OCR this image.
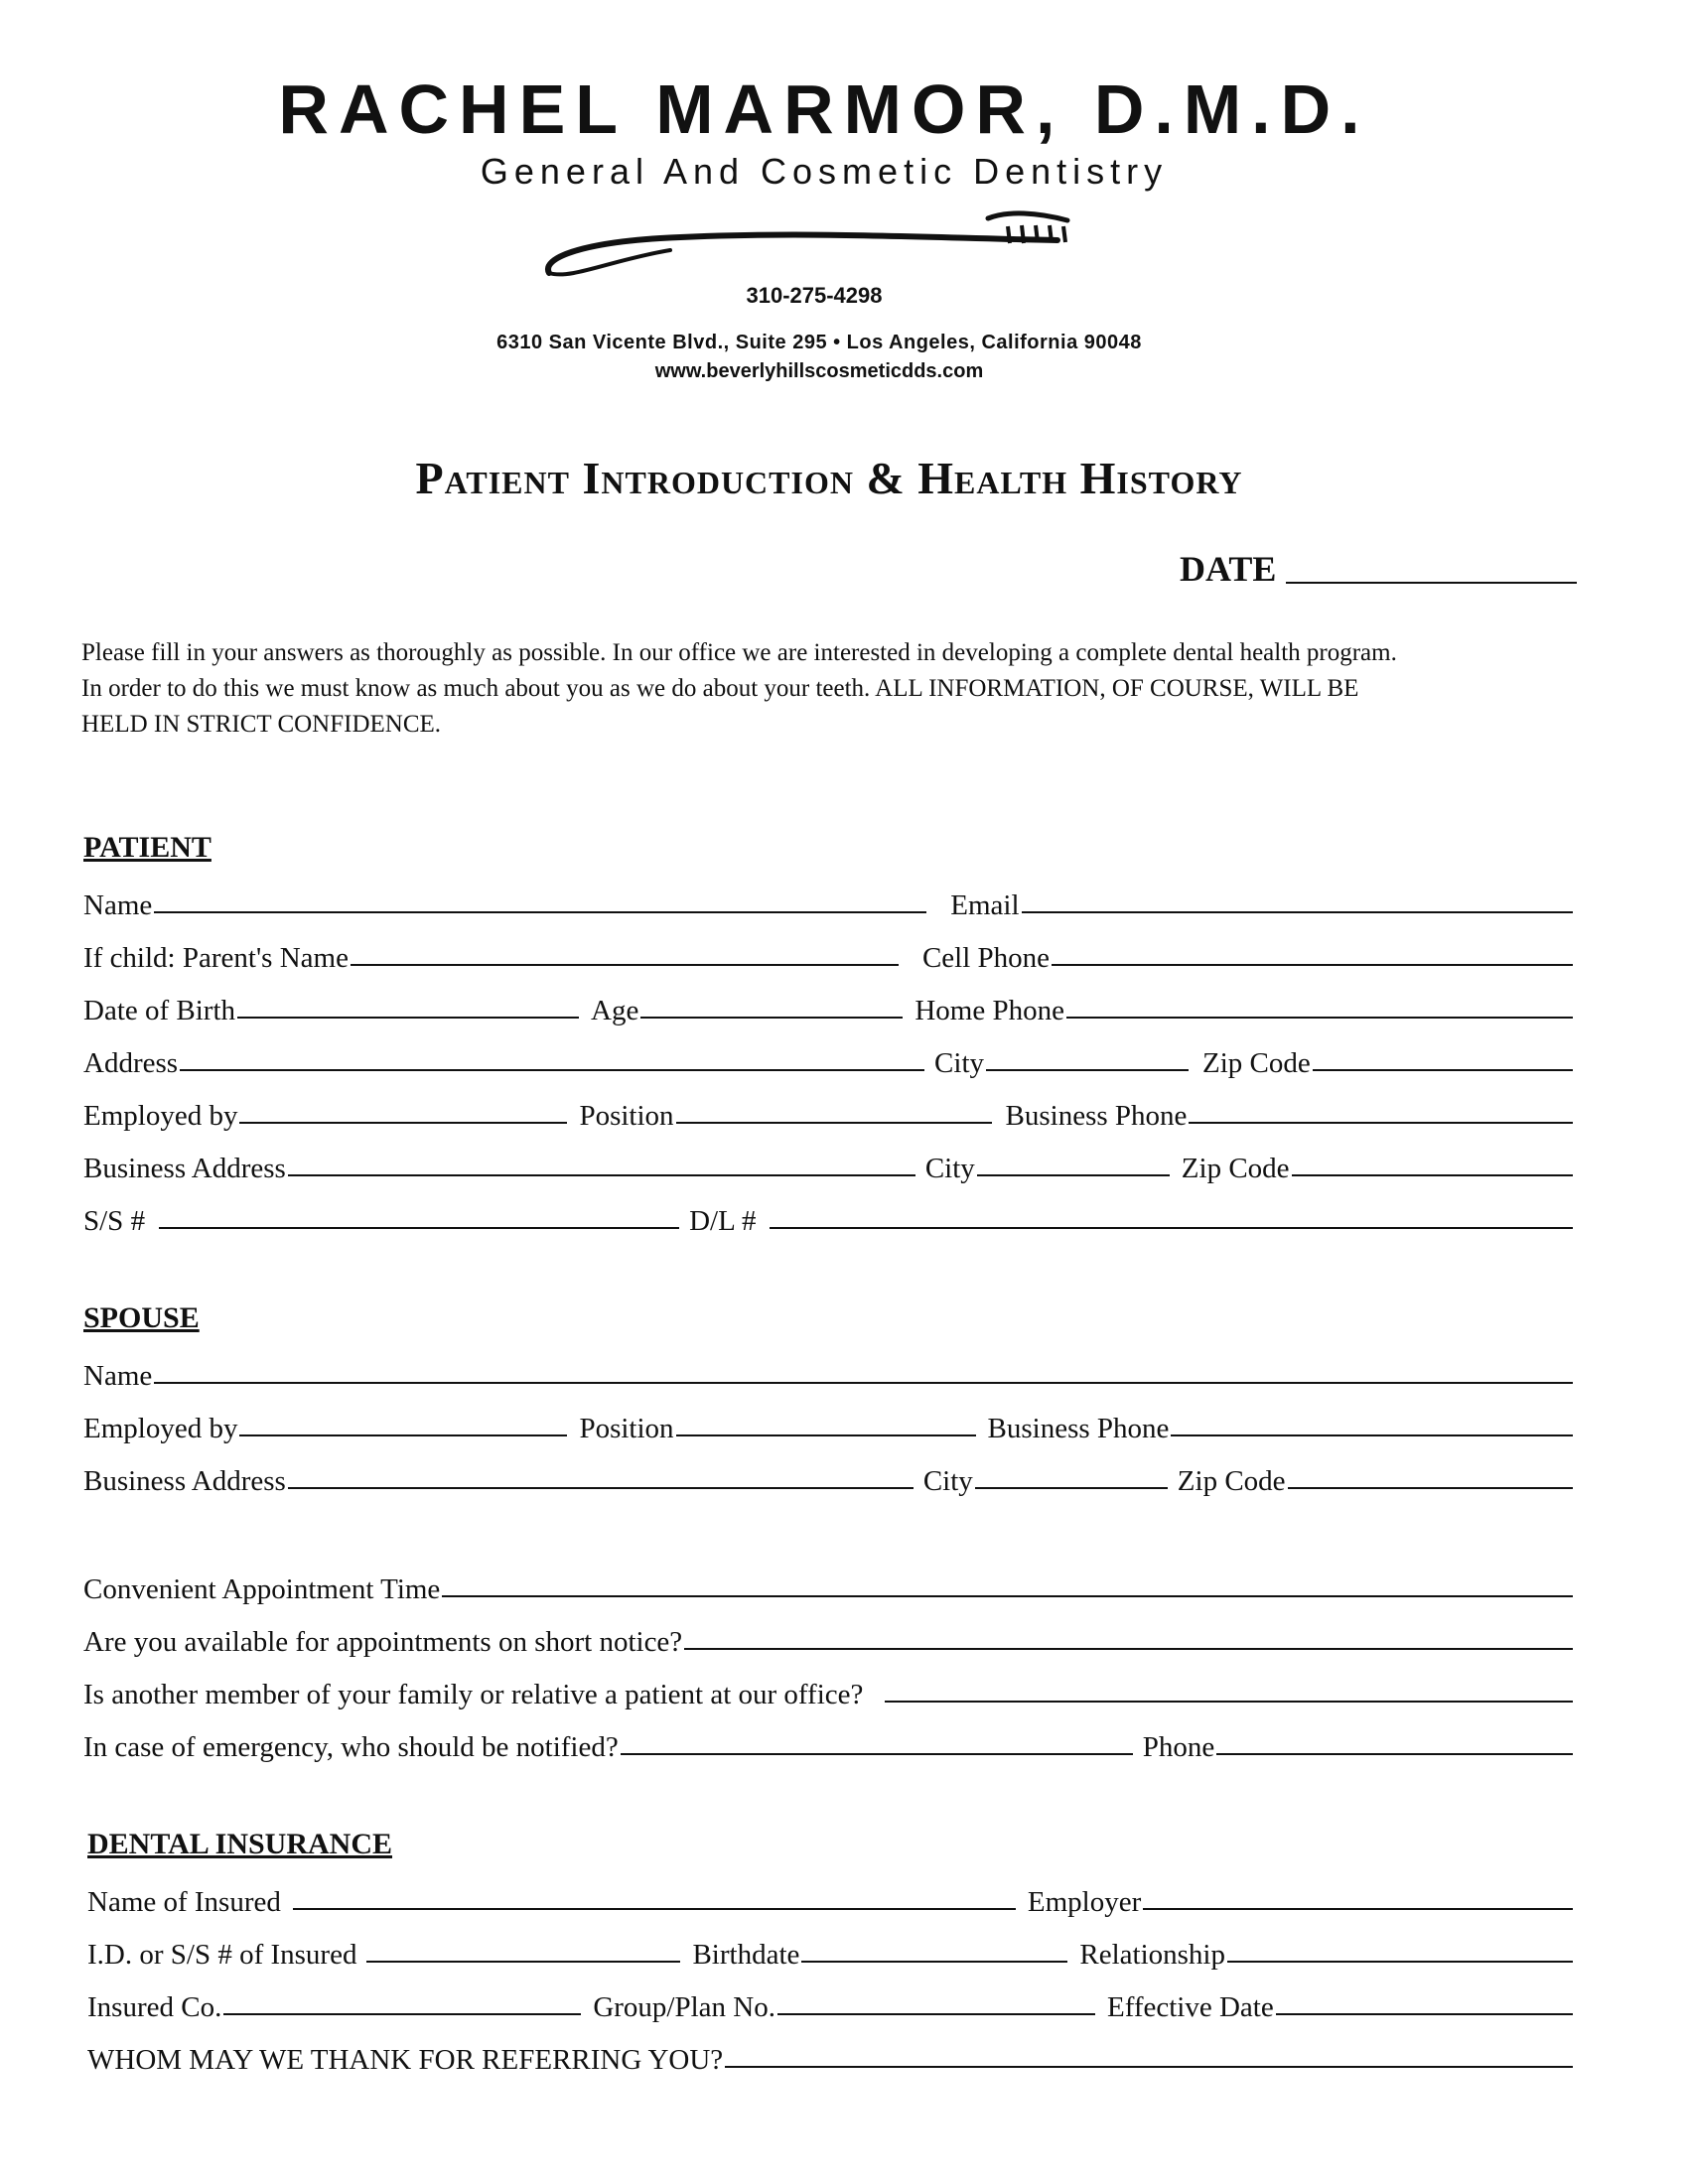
RACHEL MARMOR, D.M.D.
General And Cosmetic Dentistry
310-275-4298
6310 San Vicente Blvd., Suite 295 • Los Angeles, California 90048
www.beverlyhillscosmeticdds.com
Patient Introduction & Health History
DATE
Please fill in your answers as thoroughly as possible. In our office we are interested in developing a complete dental health program.
In order to do this we must know as much about you as we do about your teeth. ALL INFORMATION, OF COURSE, WILL BE
HELD IN STRICT CONFIDENCE.
PATIENT
Name	Email
If child: Parent's Name	Cell Phone
Date of Birth	Age	Home Phone
Address	City	Zip Code
Employed by	Position	Business Phone
Business Address	City	Zip Code
S/S #	D/L #
SPOUSE
Name
Employed by	Position	Business Phone
Business Address	City	Zip Code
Convenient Appointment Time
Are you available for appointments on short notice?
Is another member of your family or relative a patient at our office?
In case of emergency, who should be notified?	Phone
DENTAL INSURANCE
Name of Insured	Employer
I.D. or S/S # of Insured	Birthdate	Relationship
Insured Co.	Group/Plan No.	Effective Date
WHOM MAY WE THANK FOR REFERRING YOU?
